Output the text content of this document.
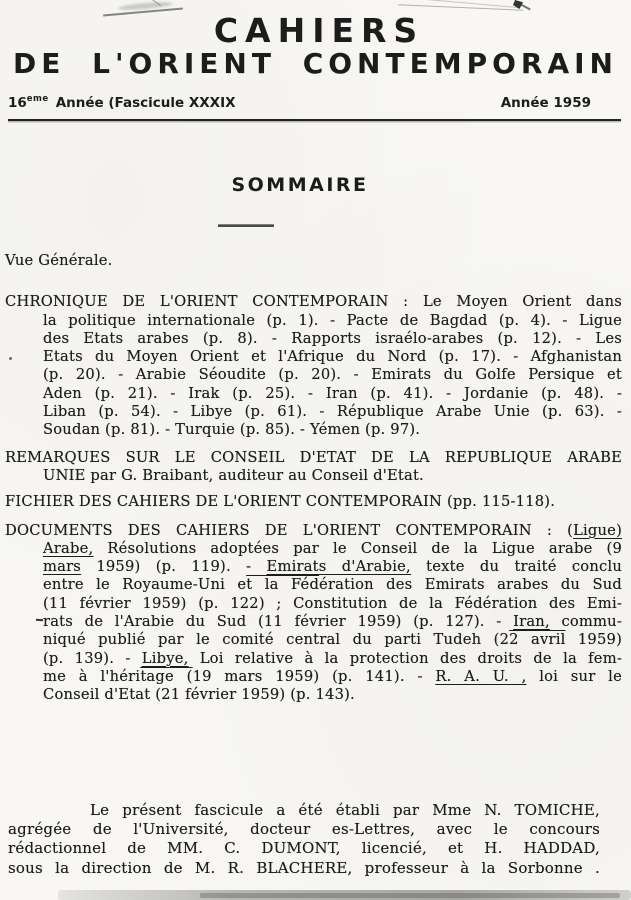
CAHIERS
DE L'ORIENT CONTEMPORAIN
16eme Année (Fascicule XXXIX	Année 1959
SOMMAIRE
Vue Générale.
CHRONIQUE DE L'ORIENT CONTEMPORAIN : Le Moyen Orient dans
la politique internationale (p. 1). - Pacte de Bagdad (p. 4). - Ligue
des Etats arabes (p. 8). - Rapports israélo-arabes (p. 12). - Les
Etats du Moyen Orient et l'Afrique du Nord (p. 17). - Afghanistan
(p. 20). - Arabie Séoudite (p. 20). - Emirats du Golfe Persique et
Aden (p. 21). - Irak (p. 25). - Iran (p. 41). - Jordanie (p. 48). -
Liban (p. 54). - Libye (p. 61). - République Arabe Unie (p. 63). -
Soudan (p. 81). - Turquie (p. 85). - Yémen (p. 97).
REMARQUES SUR LE CONSEIL D'ETAT DE LA REPUBLIQUE ARABE
UNIE par G. Braibant, auditeur au Conseil d'Etat.
FICHIER DES CAHIERS DE L'ORIENT CONTEMPORAIN (pp. 115-118).
DOCUMENTS DES CAHIERS DE L'ORIENT CONTEMPORAIN : (Ligue)
Arabe, Résolutions adoptées par le Conseil de la Ligue arabe (9
mars 1959) (p. 119). - Emirats d'Arabie, texte du traité conclu
entre le Royaume-Uni et la Fédération des Emirats arabes du Sud
(11 février 1959) (p. 122) ; Constitution de la Fédération des Emi-
rats de l'Arabie du Sud (11 février 1959) (p. 127). - Iran, commu-
niqué publié par le comité central du parti Tudeh (22 avril 1959)
(p. 139). - Libye, Loi relative à la protection des droits de la fem-
me à l'héritage (19 mars 1959) (p. 141). - R. A. U. , loi sur le
Conseil d'Etat (21 février 1959) (p. 143).
Le présent fascicule a été établi par Mme N. TOMICHE,
agrégée de l'Université, docteur es-Lettres, avec le concours
rédactionnel de MM. C. DUMONT, licencié, et H. HADDAD,
sous la direction de M. R. BLACHERE, professeur à la Sorbonne .
